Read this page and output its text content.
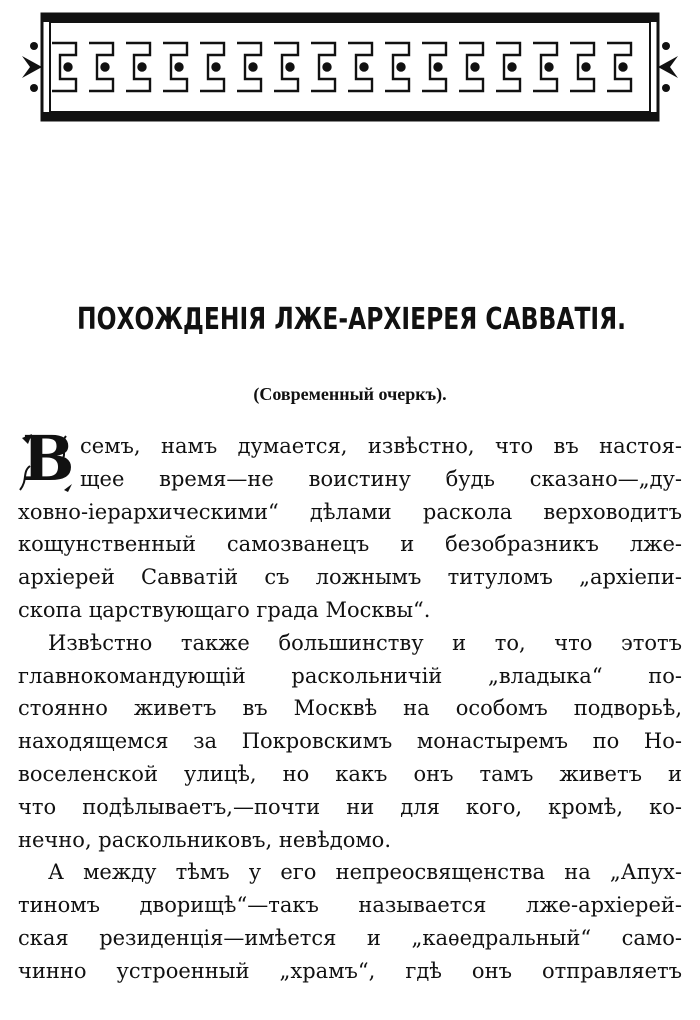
ПОХОЖДЕНІЯ ЛЖЕ-АРХІЕРЕЯ САВВАТІЯ.
(Современный очеркъ).
В семъ, намъ думается, извѣстно, что въ настоя-
щее время—не воистину будь сказано—„ду-
ховно-іерархическими“ дѣлами раскола верховодитъ
кощунственный самозванецъ и безобразникъ лже-
архіерей Савватій съ ложнымъ титуломъ „архіепи-
скопа царствующаго града Москвы“.
Извѣстно также большинству и то, что этотъ
главнокомандующій раскольничій „владыка“ по-
стоянно живетъ въ Москвѣ на особомъ подворьѣ,
находящемся за Покровскимъ монастыремъ по Но-
воселенской улицѣ, но какъ онъ тамъ живетъ и
что подѣлываетъ,—почти ни для кого, кромѣ, ко-
нечно, раскольниковъ, невѣдомо.
А между тѣмъ у его непреосвященства на „Апух-
тиномъ дворищѣ“—такъ называется лже-архіерей-
ская резиденція—имѣется и „каѳедральный“ само-
чинно устроенный „храмъ“, гдѣ онъ отправляетъ
